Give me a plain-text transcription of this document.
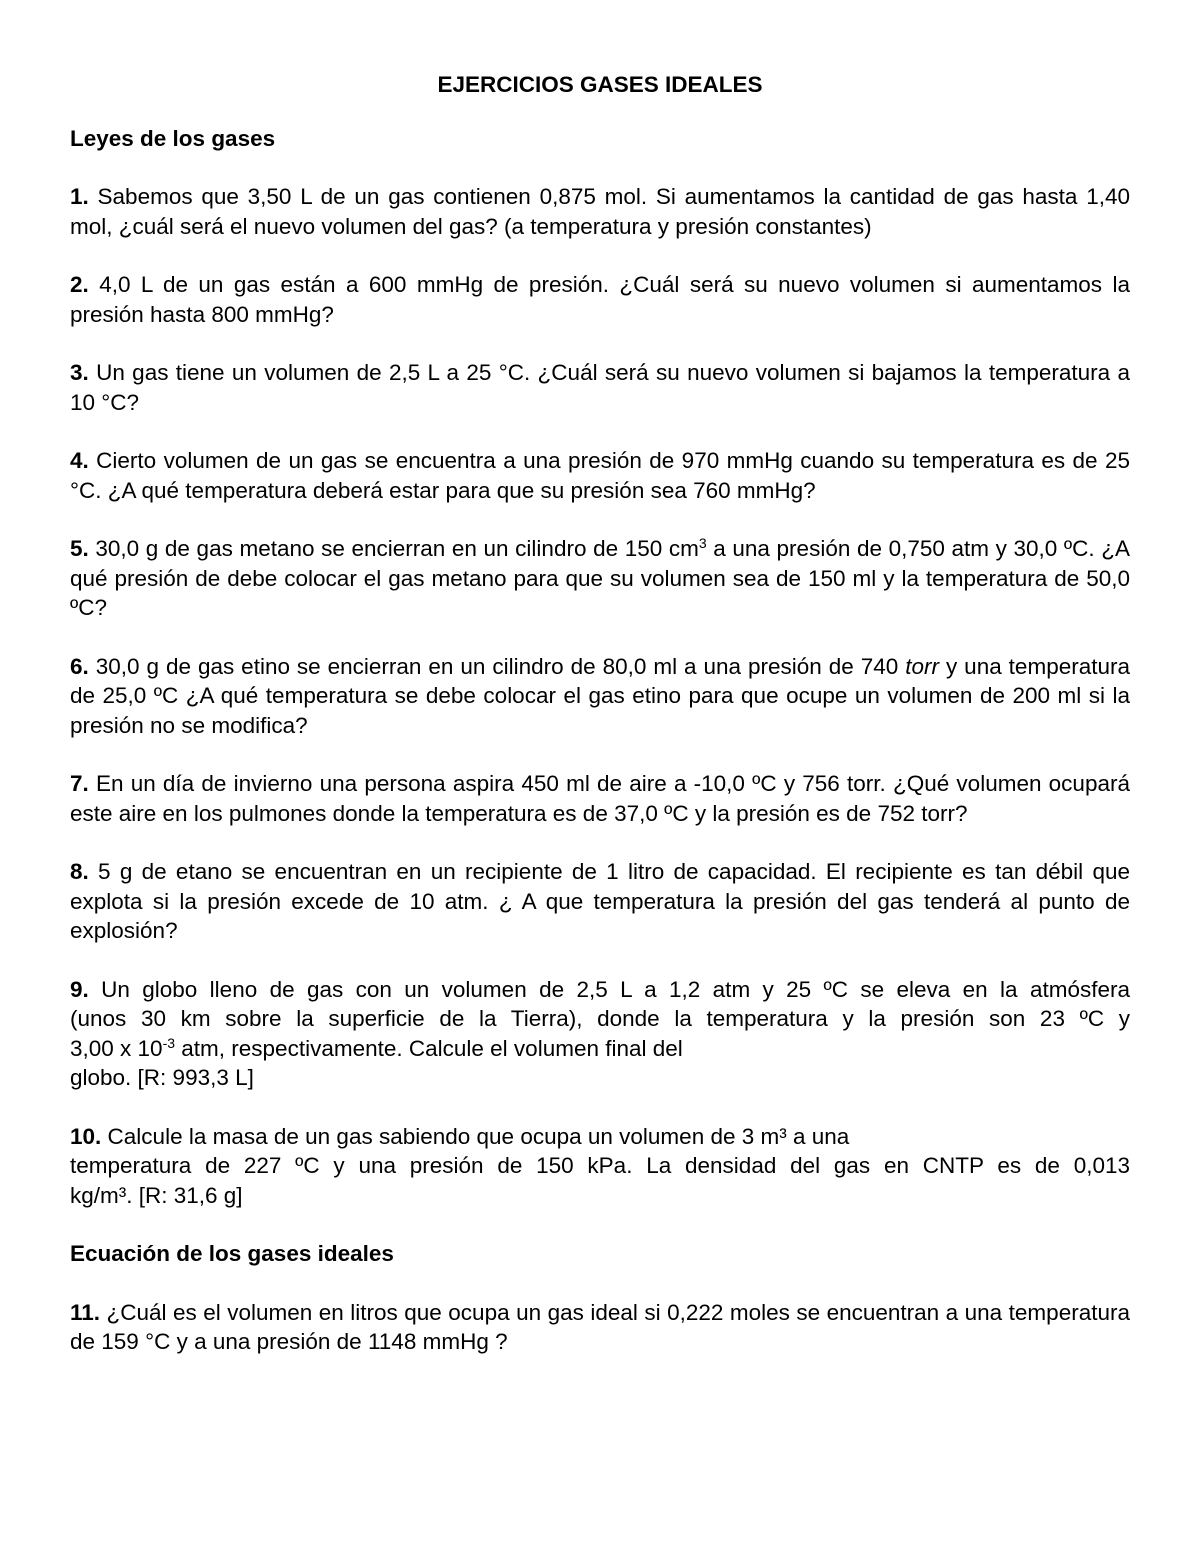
EJERCICIOS GASES IDEALES
Leyes de los gases
1. Sabemos que 3,50 L de un gas contienen 0,875 mol. Si aumentamos la cantidad de gas hasta 1,40 mol, ¿cuál será el nuevo volumen del gas? (a temperatura y presión constantes)
2. 4,0 L de un gas están a 600 mmHg de presión. ¿Cuál será su nuevo volumen si aumentamos la presión hasta 800 mmHg?
3. Un gas tiene un volumen de 2,5 L a 25 °C. ¿Cuál será su nuevo volumen si bajamos la temperatura a 10 °C?
4. Cierto volumen de un gas se encuentra a una presión de 970 mmHg cuando su temperatura es de 25 °C. ¿A qué temperatura deberá estar para que su presión sea 760 mmHg?
5. 30,0 g de gas metano se encierran en un cilindro de 150 $cm^3$ a una presión de 0,750 atm y 30,0 ºC. ¿A qué presión de debe colocar el gas metano para que su volumen sea de 150 ml y la temperatura de 50,0 ºC?
6. 30,0 g de gas etino se encierran en un cilindro de 80,0 ml a una presión de 740 torr y una temperatura de 25,0 ºC ¿A qué temperatura se debe colocar el gas etino para que ocupe un volumen de 200 ml si la presión no se modifica?
7. En un día de invierno una persona aspira 450 ml de aire a -10,0 ºC y 756 torr. ¿Qué volumen ocupará este aire en los pulmones donde la temperatura es de 37,0 ºC y la presión es de 752 torr?
8. 5 g de etano se encuentran en un recipiente de 1 litro de capacidad. El recipiente es tan débil que explota si la presión excede de 10 atm. ¿ A que temperatura la presión del gas tenderá al punto de explosión?
9. Un globo lleno de gas con un volumen de 2,5 L a 1,2 atm y 25 ºC se eleva en la atmósfera
(unos 30 km sobre la superficie de la Tierra), donde la temperatura y la presión son 23 ºC y
3,00 x $10^{-3}$ atm, respectivamente. Calcule el volumen final del
globo. [R: 993,3 L]
10. Calcule la masa de un gas sabiendo que ocupa un volumen de 3 m³ a una
temperatura de 227 ºC y una presión de 150 kPa. La densidad del gas en CNTP es de 0,013
kg/m³. [R: 31,6 g]
Ecuación de los gases ideales
11. ¿Cuál es el volumen en litros que ocupa un gas ideal si 0,222 moles se encuentran a una temperatura de 159 °C y a una presión de 1148 mmHg ?
